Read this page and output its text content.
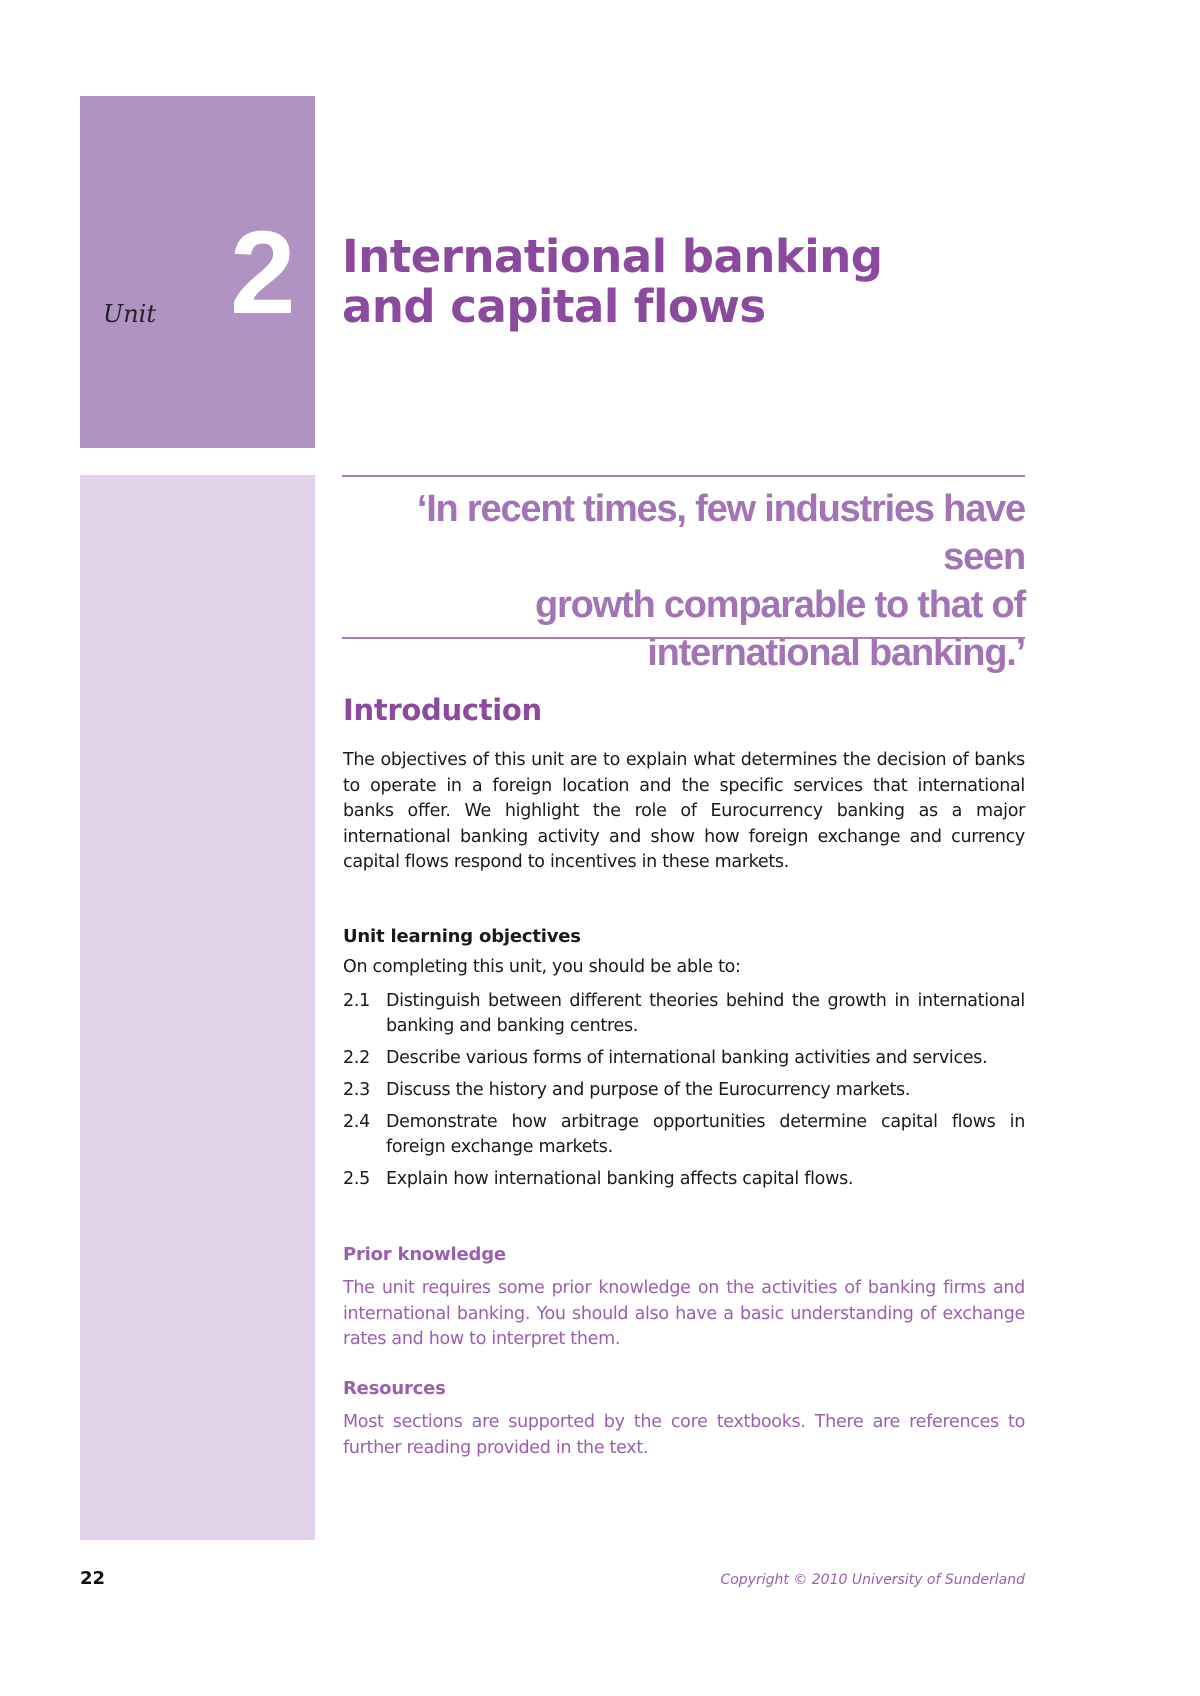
Unit 2 International banking
and capital flows
‘In recent times, few industries have seen
growth comparable to that of
international banking.’
Introduction
The objectives of this unit are to explain what determines the decision of banks to operate in a foreign location and the specific services that international banks offer. We highlight the role of Eurocurrency banking as a major international banking activity and show how foreign exchange and currency capital flows respond to incentives in these markets.
Unit learning objectives
On completing this unit, you should be able to:
2.1 Distinguish between different theories behind the growth in international banking and banking centres.
2.2 Describe various forms of international banking activities and services.
2.3 Discuss the history and purpose of the Eurocurrency markets.
2.4 Demonstrate how arbitrage opportunities determine capital flows in foreign exchange markets.
2.5 Explain how international banking affects capital flows.
Prior knowledge
The unit requires some prior knowledge on the activities of banking firms and international banking. You should also have a basic understanding of exchange rates and how to interpret them.
Resources
Most sections are supported by the core textbooks. There are references to further reading provided in the text.
22	Copyright © 2010 University of Sunderland
